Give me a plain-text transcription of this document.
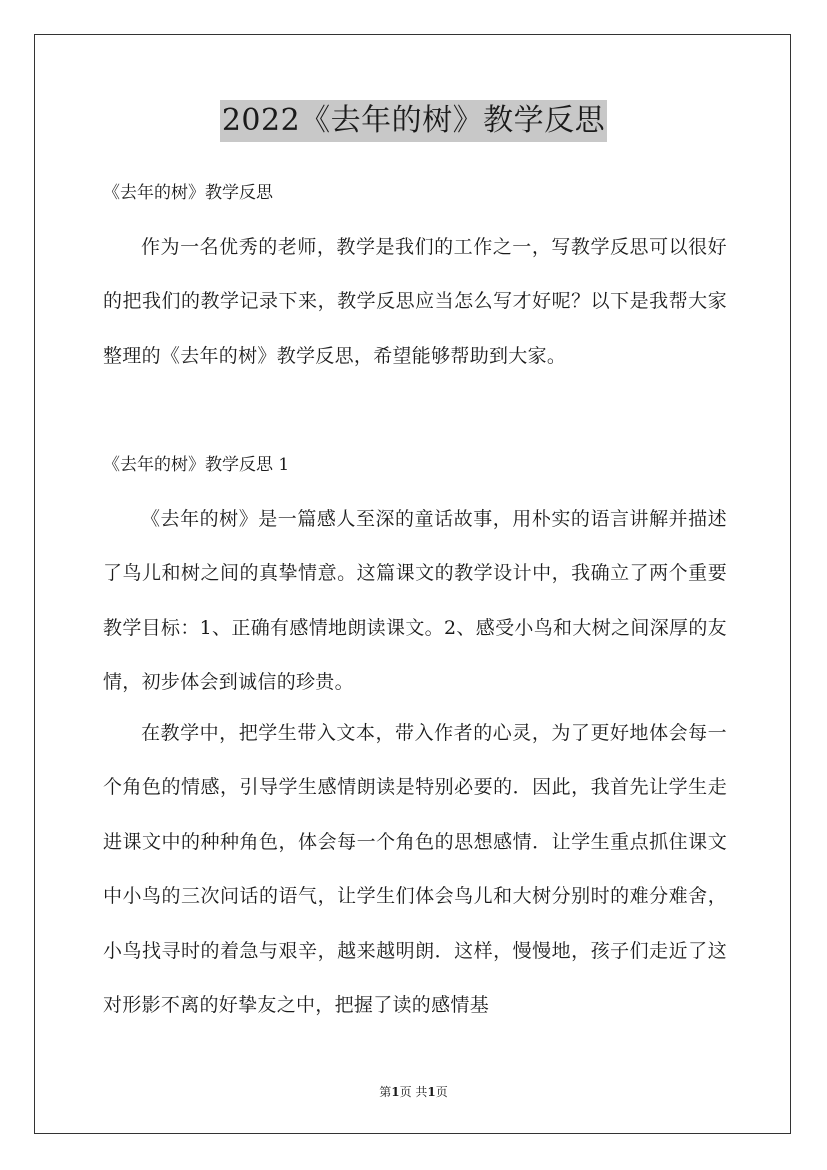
2022《去年的树》教学反思
《去年的树》教学反思
作为一名优秀的老师，教学是我们的工作之一，写教学反思可以很好的把我们的教学记录下来，教学反思应当怎么写才好呢？以下是我帮大家整理的《去年的树》教学反思，希望能够帮助到大家。
《去年的树》教学反思 1
《去年的树》是一篇感人至深的童话故事，用朴实的语言讲解并描述了鸟儿和树之间的真挚情意。这篇课文的教学设计中，我确立了两个重要教学目标：1、正确有感情地朗读课文。2、感受小鸟和大树之间深厚的友情，初步体会到诚信的珍贵。
在教学中，把学生带入文本，带入作者的心灵，为了更好地体会每一个角色的情感，引导学生感情朗读是特别必要的．因此，我首先让学生走进课文中的种种角色，体会每一个角色的思想感情．让学生重点抓住课文中小鸟的三次问话的语气，让学生们体会鸟儿和大树分别时的难分难舍，小鸟找寻时的着急与艰辛，越来越明朗．这样，慢慢地，孩子们走近了这对形影不离的好挚友之中，把握了读的感情基
第1页 共1页
